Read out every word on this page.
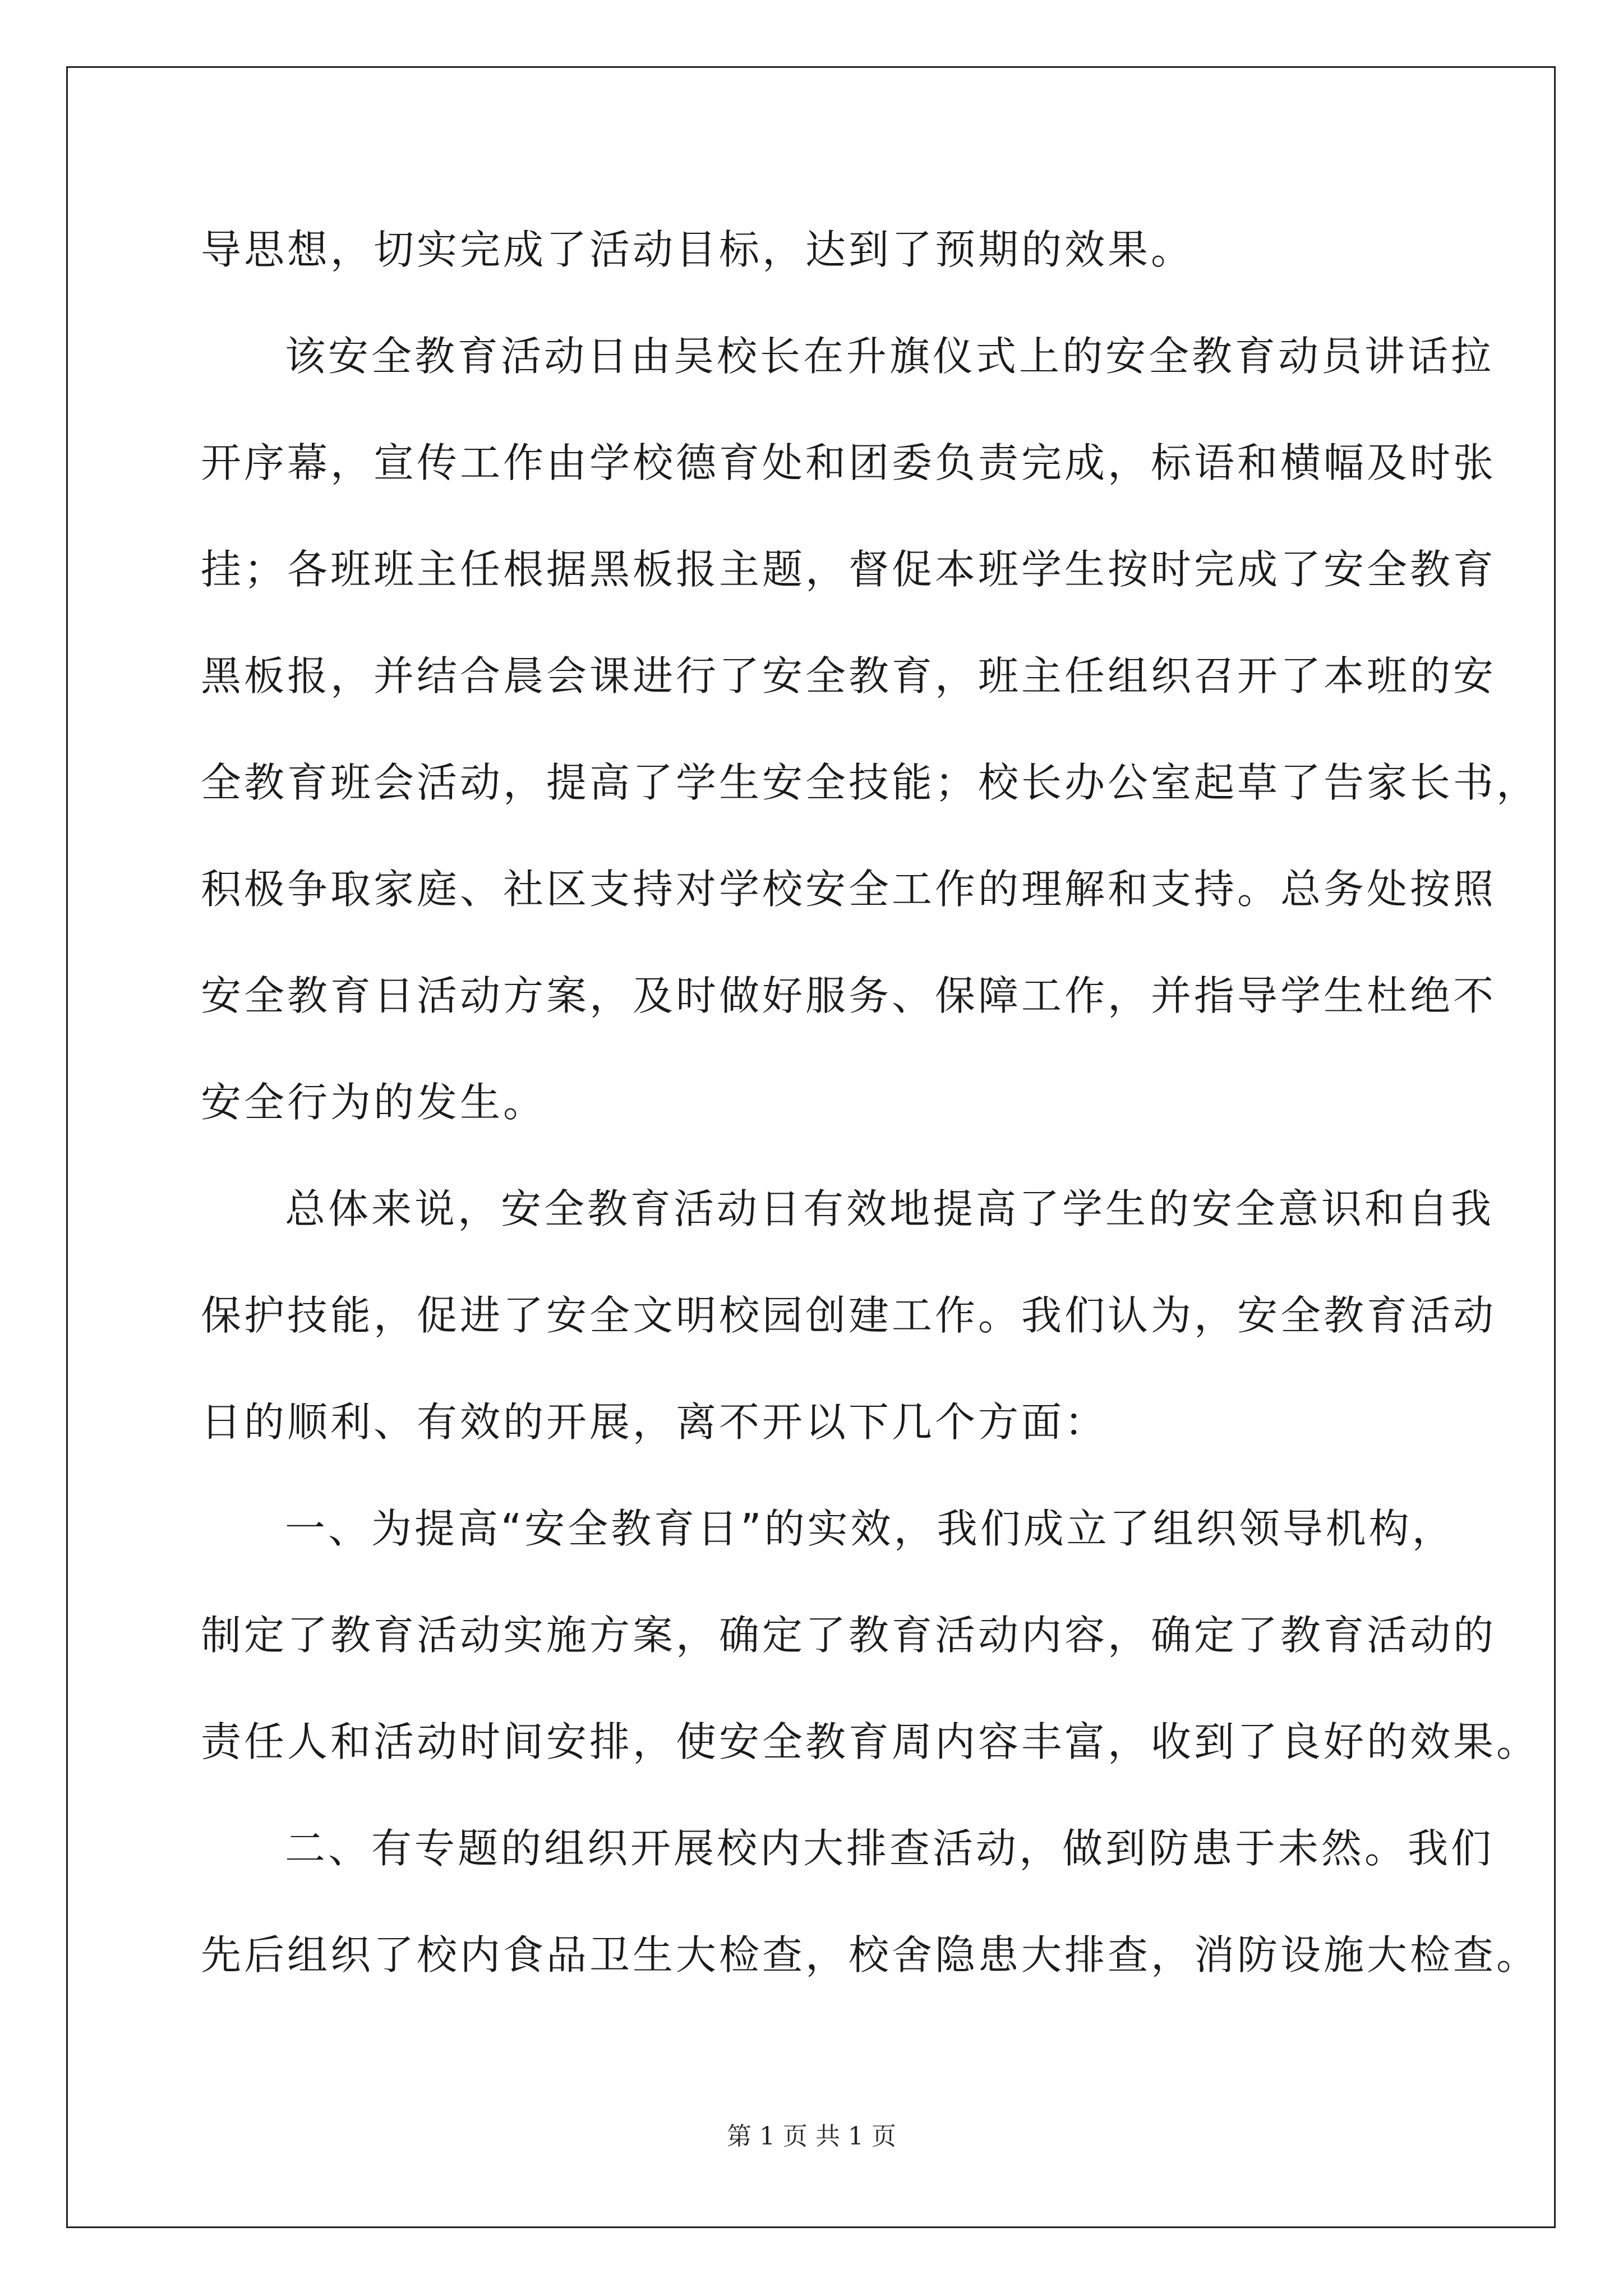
导思想，切实完成了活动目标，达到了预期的效果。
该安全教育活动日由吴校长在升旗仪式上的安全教育动员讲话拉
开序幕，宣传工作由学校德育处和团委负责完成，标语和横幅及时张
挂；各班班主任根据黑板报主题，督促本班学生按时完成了安全教育
黑板报，并结合晨会课进行了安全教育，班主任组织召开了本班的安
全教育班会活动，提高了学生安全技能；校长办公室起草了告家长书，
积极争取家庭、社区支持对学校安全工作的理解和支持。总务处按照
安全教育日活动方案，及时做好服务、保障工作，并指导学生杜绝不
安全行为的发生。
总体来说，安全教育活动日有效地提高了学生的安全意识和自我
保护技能，促进了安全文明校园创建工作。我们认为，安全教育活动
日的顺利、有效的开展，离不开以下几个方面：
一、为提高“安全教育日”的实效，我们成立了组织领导机构，
制定了教育活动实施方案，确定了教育活动内容，确定了教育活动的
责任人和活动时间安排，使安全教育周内容丰富，收到了良好的效果。
二、有专题的组织开展校内大排查活动，做到防患于未然。我们
先后组织了校内食品卫生大检查，校舍隐患大排查，消防设施大检查。
第 1 页 共 1 页
